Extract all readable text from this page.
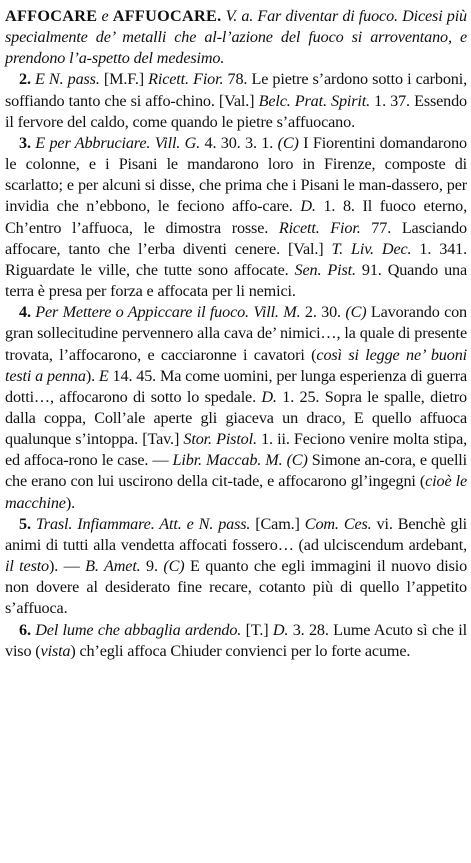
AFFOCARE e AFFUOCARE. V. a. Far diventar di fuoco. Dicesi più specialmente de’ metalli che al-l’azione del fuoco si arroventano, e prendono l’a-spetto del medesimo.

2. E N. pass. [M.F.] Ricett. Fior. 78. Le pietre s’ardono sotto i carboni, soffiando tanto che si affo-chino. [Val.] Belc. Prat. Spirit. 1. 37. Essendo il fervore del caldo, come quando le pietre s’affuocano.

3. E per Abbruciare. Vill. G. 4. 30. 3. 1. (C) I Fiorentini domandarono le colonne, e i Pisani le mandarono loro in Firenze, composte di scarlatto; e per alcuni si disse, che prima che i Pisani le man-dassero, per invidia che n’ebbono, le feciono affo-care. D. 1. 8. Il fuoco eterno, Ch’entro l’affuoca, le dimostra rosse. Ricett. Fior. 77. Lasciando affocare, tanto che l’erba diventi cenere. [Val.] T. Liv. Dec. 1. 341. Riguardate le ville, che tutte sono affocate. Sen. Pist. 91. Quando una terra è presa per forza e affocata per li nemici.

4. Per Mettere o Appiccare il fuoco. Vill. M. 2. 30. (C) Lavorando con gran sollecitudine pervennero alla cava de’ nimici…, la quale di presente trovata, l’affocarono, e cacciaronne i cavatori (così si legge ne’ buoni testi a penna). E 14. 45. Ma come uomini, per lunga esperienza di guerra dotti…, affocarono di sotto lo spedale. D. 1. 25. Sopra le spalle, dietro dalla coppa, Coll’ale aperte gli giaceva un draco, E quello affuoca qualunque s’intoppa. [Tav.] Stor. Pistol. 1. ii. Feciono venire molta stipa, ed affoca-rono le case. — Libr. Maccab. M. (C) Simone an-cora, e quelli che erano con lui uscirono della cit-tade, e affocarono gl’ingegni (cioè le macchine).

5. Trasl. Infiammare. Att. e N. pass. [Cam.] Com. Ces. vi. Benchè gli animi di tutti alla vendetta affocati fossero… (ad ulciscendum ardebant, il testo). — B. Amet. 9. (C) E quanto che egli immagini il nuovo disio non dovere al desiderato fine recare, cotanto più di quello l’appetito s’affuoca.

6. Del lume che abbaglia ardendo. [T.] D. 3. 28. Lume Acuto sì che il viso (vista) ch’egli affoca Chiuder convienci per lo forte acume.
